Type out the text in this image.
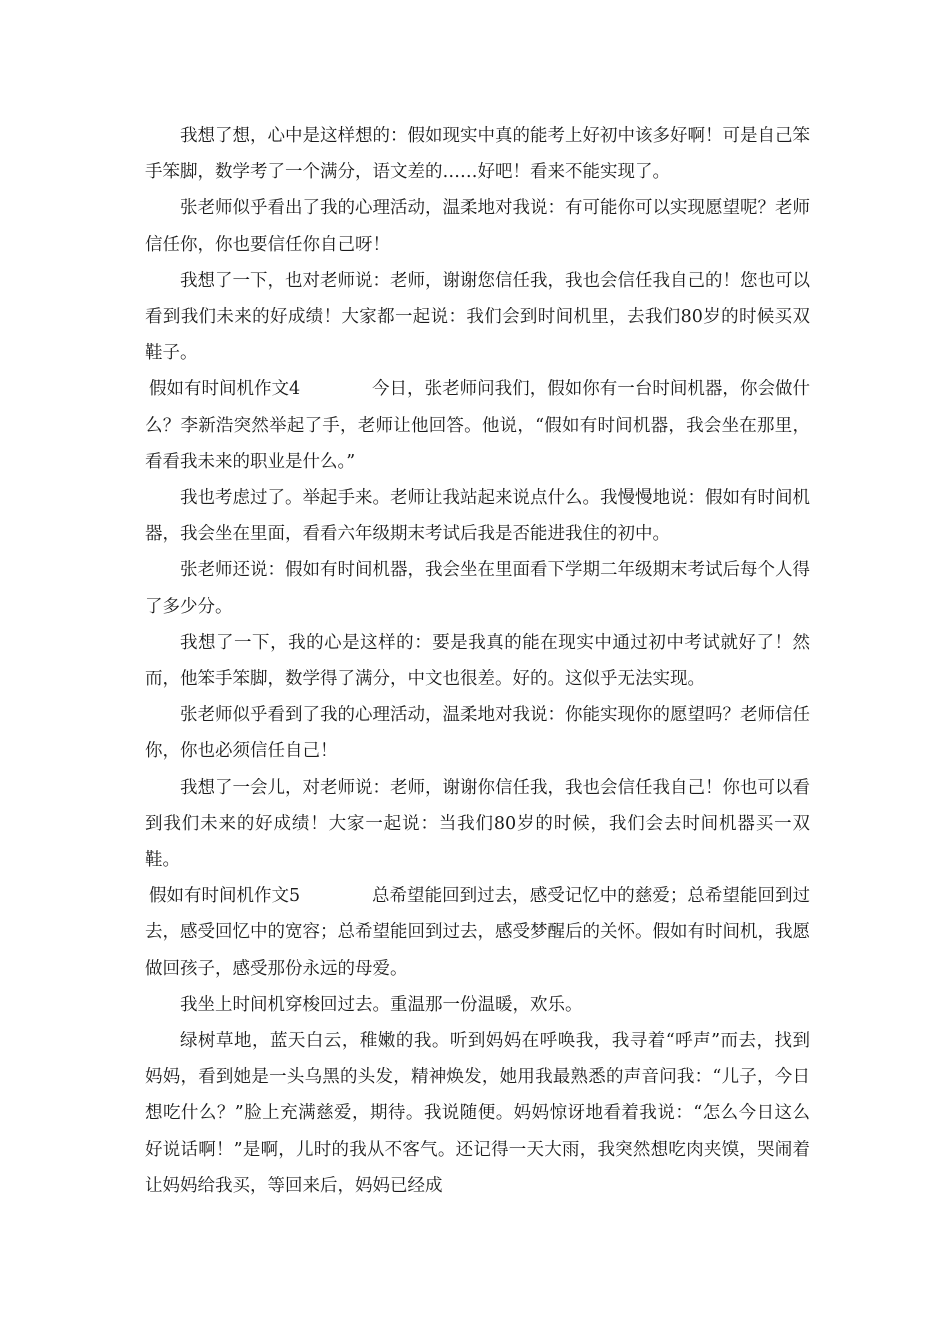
我想了想，心中是这样想的：假如现实中真的能考上好初中该多好啊！可是自己笨手笨脚，数学考了一个满分，语文差的……好吧！看来不能实现了。

张老师似乎看出了我的心理活动，温柔地对我说：有可能你可以实现愿望呢？老师信任你，你也要信任你自己呀！

我想了一下，也对老师说：老师，谢谢您信任我，我也会信任我自己的！您也可以看到我们未来的好成绩！大家都一起说：我们会到时间机里，去我们80岁的时候买双鞋子。

假如有时间机作文4	今日，张老师问我们，假如你有一台时间机器，你会做什么？李新浩突然举起了手，老师让他回答。他说，“假如有时间机器，我会坐在那里，看看我未来的职业是什么。”

我也考虑过了。举起手来。老师让我站起来说点什么。我慢慢地说：假如有时间机器，我会坐在里面，看看六年级期末考试后我是否能进我住的初中。

张老师还说：假如有时间机器，我会坐在里面看下学期二年级期末考试后每个人得了多少分。

我想了一下，我的心是这样的：要是我真的能在现实中通过初中考试就好了！然而，他笨手笨脚，数学得了满分，中文也很差。好的。这似乎无法实现。

张老师似乎看到了我的心理活动，温柔地对我说：你能实现你的愿望吗？老师信任你，你也必须信任自己！

我想了一会儿，对老师说：老师，谢谢你信任我，我也会信任我自己！你也可以看到我们未来的好成绩！大家一起说：当我们80岁的时候，我们会去时间机器买一双鞋。

假如有时间机作文5	总希望能回到过去，感受记忆中的慈爱；总希望能回到过去，感受回忆中的宽容；总希望能回到过去，感受梦醒后的关怀。假如有时间机，我愿做回孩子，感受那份永远的母爱。

我坐上时间机穿梭回过去。重温那一份温暖，欢乐。

绿树草地，蓝天白云，稚嫩的我。听到妈妈在呼唤我，我寻着“呼声”而去，找到妈妈，看到她是一头乌黑的头发，精神焕发，她用我最熟悉的声音问我：“儿子，今日想吃什么？”脸上充满慈爱，期待。我说随便。妈妈惊讶地看着我说：“怎么今日这么好说话啊！”是啊，儿时的我从不客气。还记得一天大雨，我突然想吃肉夹馍，哭闹着让妈妈给我买，等回来后，妈妈已经成
